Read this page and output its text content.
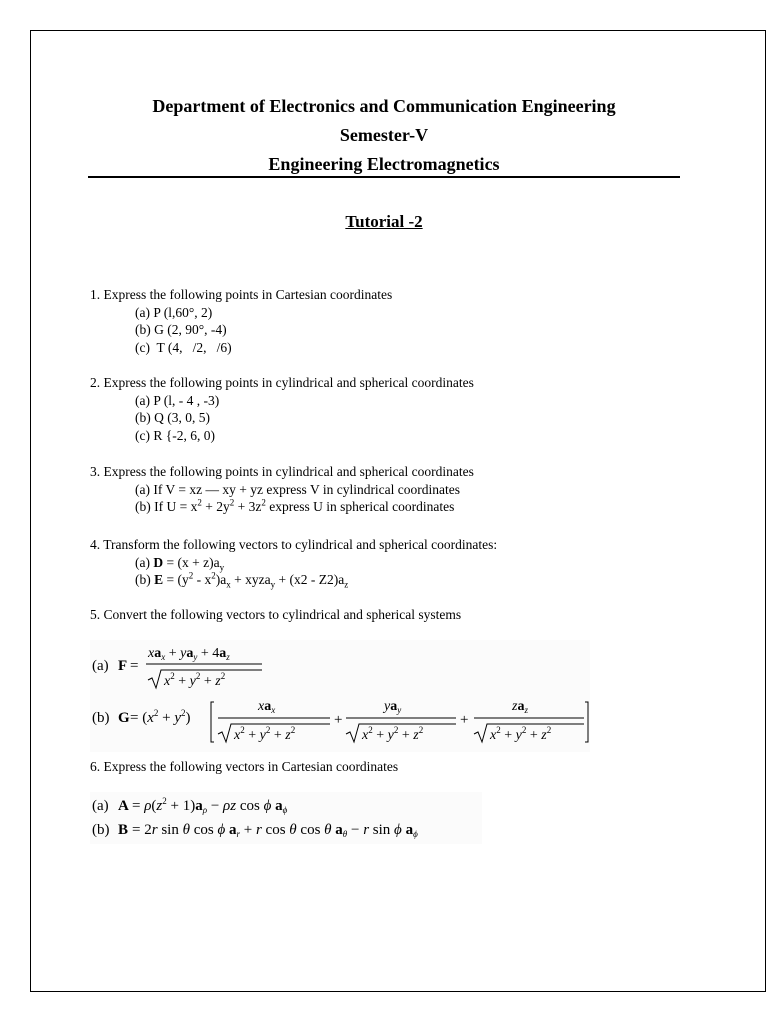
Department of Electronics and Communication Engineering
Semester-V
Engineering Electromagnetics
Tutorial -2
1. Express the following points in Cartesian coordinates
(a) P (l,60°, 2)
(b) G (2, 90°, -4)
(c)  T (4,   /2,   /6)
2. Express the following points in cylindrical and spherical coordinates
(a) P (l, - 4 , -3)
(b) Q (3, 0, 5)
(c) R {-2, 6, 0)
3. Express the following points in cylindrical and spherical coordinates
(a) If V = xz — xy + yz express V in cylindrical coordinates
(b) If $U = x^2 + 2y^2 + 3z^2$ express U in spherical coordinates
4. Transform the following vectors to cylindrical and spherical coordinates:
(a) $D = (x + z)a_y$
(b) $E = (y^2 - x^2)a_x$ + xyza$_y$ + $(x2 - Z2)a_z$
5. Convert the following vectors to cylindrical and spherical systems
(a) F =
$xa_x + ya_y + 4a_z$
$x^2 + y^2 + z^2$
(b) $G = (x^2 + y^2)$
$xa_x$
$x^2 + y^2 + z^2$
+
$ya_y$
$x^2 + y^2 + z^2$
+
$za_z$
$x^2 + y^2 + z^2$
6. Express the following vectors in Cartesian coordinates
(a) $A = \rho(z^2 + 1)a_\rho - \rho z$ cos ϕ $a_\phi$
(b) B = 2r sin θ cos ϕ $a_r + r$ cos θ cos θ $a_\theta - r$ sin ϕ $a_\phi$
